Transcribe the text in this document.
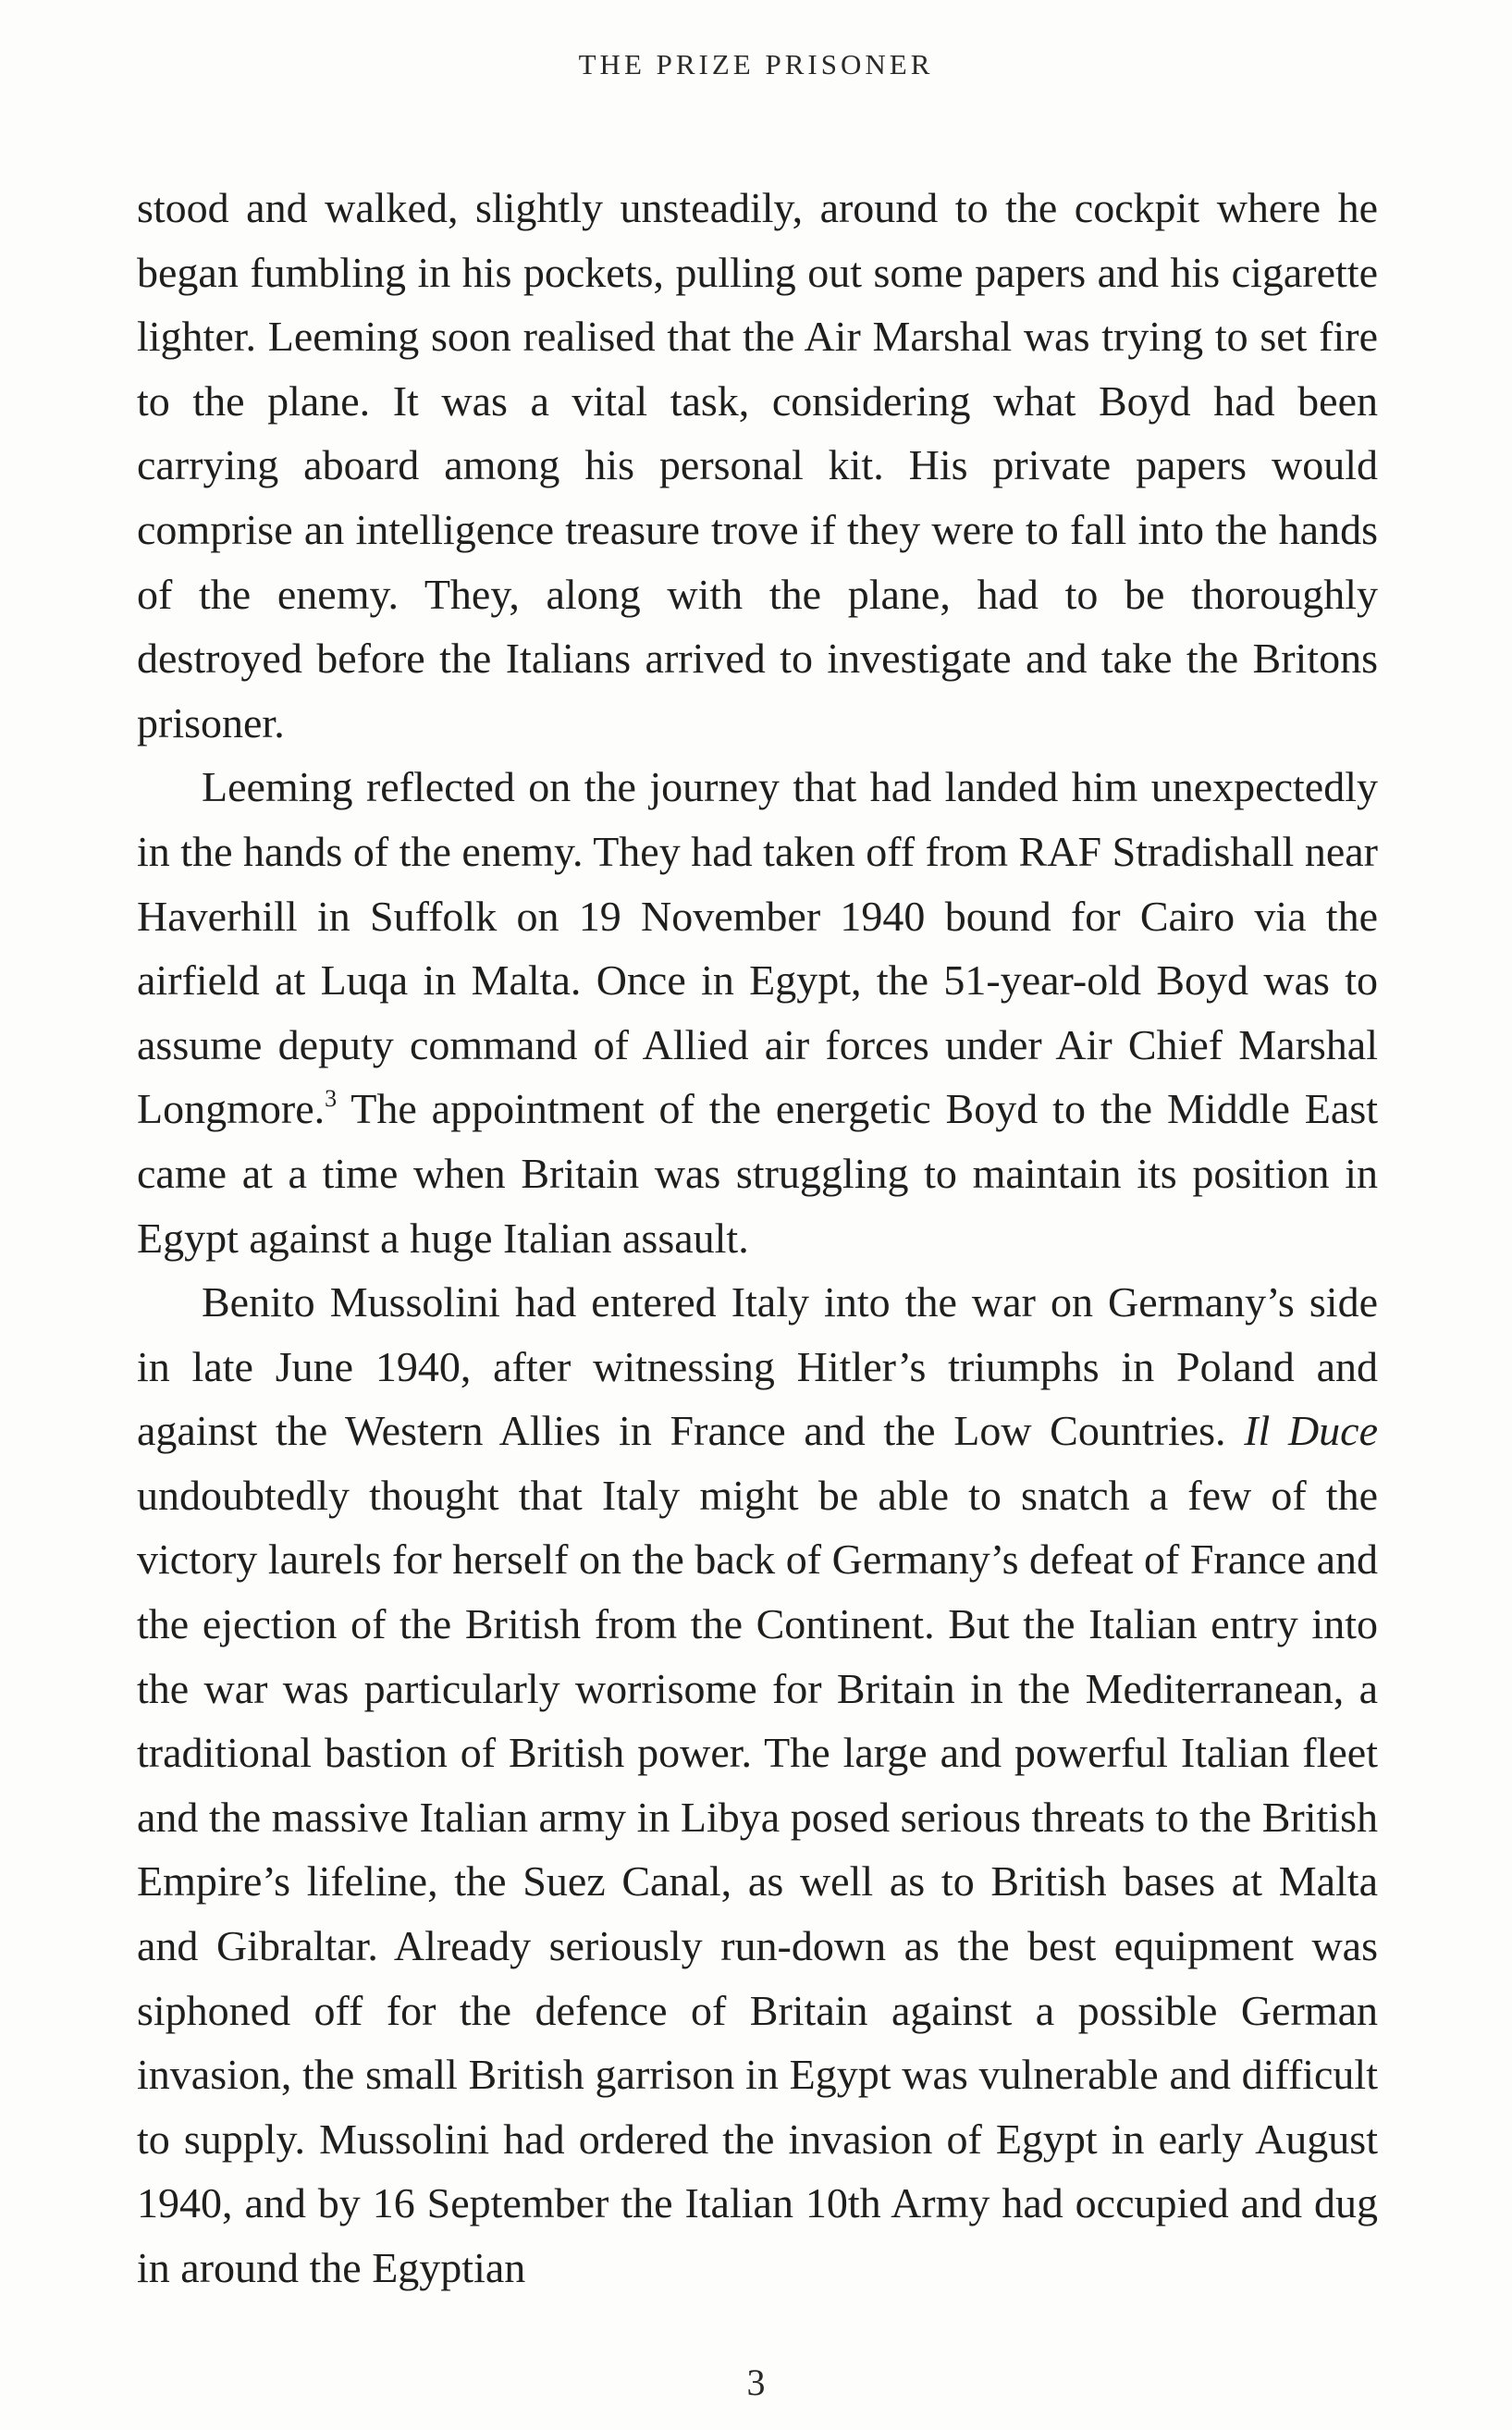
THE PRIZE PRISONER

stood and walked, slightly unsteadily, around to the cockpit where he began fumbling in his pockets, pulling out some papers and his cigarette lighter. Leeming soon realised that the Air Marshal was trying to set fire to the plane. It was a vital task, considering what Boyd had been carrying aboard among his personal kit. His private papers would comprise an intelligence treasure trove if they were to fall into the hands of the enemy. They, along with the plane, had to be thoroughly destroyed before the Italians arrived to investigate and take the Britons prisoner.

Leeming reflected on the journey that had landed him unexpectedly in the hands of the enemy. They had taken off from RAF Stradishall near Haverhill in Suffolk on 19 November 1940 bound for Cairo via the airfield at Luqa in Malta. Once in Egypt, the 51-year-old Boyd was to assume deputy command of Allied air forces under Air Chief Marshal Longmore.$^3$ The appointment of the energetic Boyd to the Middle East came at a time when Britain was struggling to maintain its position in Egypt against a huge Italian assault.

Benito Mussolini had entered Italy into the war on Germany’s side in late June 1940, after witnessing Hitler’s triumphs in Poland and against the Western Allies in France and the Low Countries. Il Duce undoubtedly thought that Italy might be able to snatch a few of the victory laurels for herself on the back of Germany’s defeat of France and the ejection of the British from the Continent. But the Italian entry into the war was particularly worrisome for Britain in the Mediterranean, a traditional bastion of British power. The large and powerful Italian fleet and the massive Italian army in Libya posed serious threats to the British Empire’s lifeline, the Suez Canal, as well as to British bases at Malta and Gibraltar. Already seriously run-down as the best equipment was siphoned off for the defence of Britain against a possible German invasion, the small British garrison in Egypt was vulnerable and difficult to supply. Mussolini had ordered the invasion of Egypt in early August 1940, and by 16 September the Italian 10th Army had occupied and dug in around the Egyptian

3
